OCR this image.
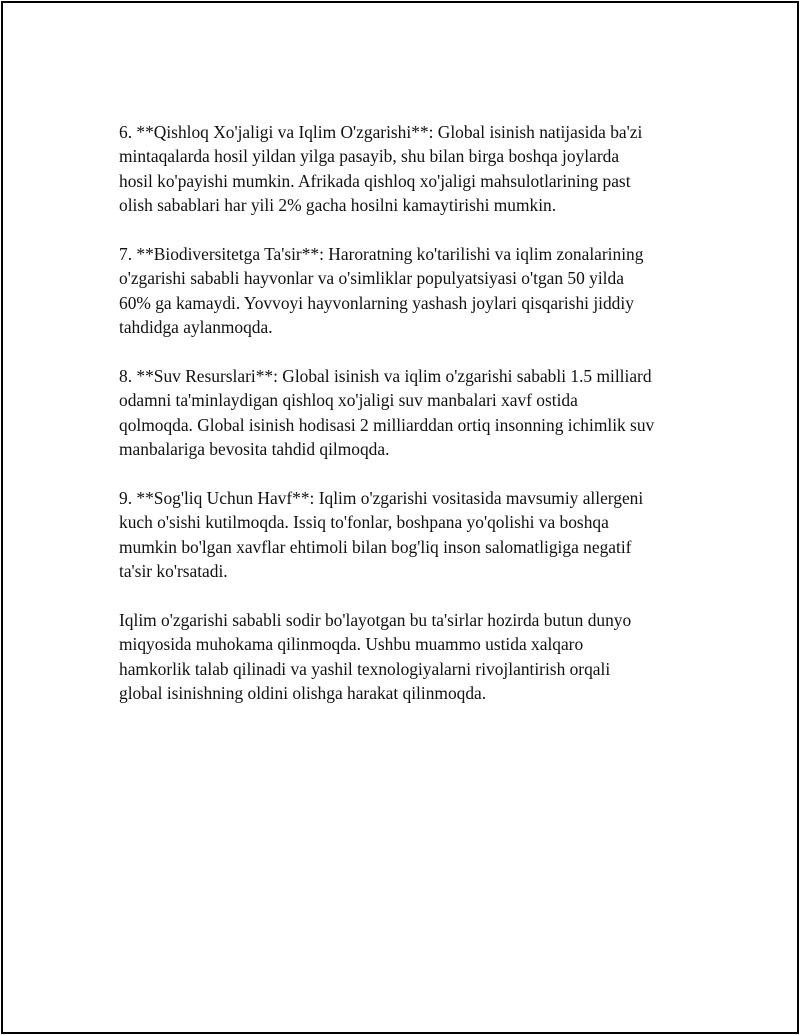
6. **Qishloq Xo'jaligi va Iqlim O'zgarishi**: Global isinish natijasida ba'zi
mintaqalarda hosil yildan yilga pasayib, shu bilan birga boshqa joylarda
hosil ko'payishi mumkin. Afrikada qishloq xo'jaligi mahsulotlarining past
olish sabablari har yili 2% gacha hosilni kamaytirishi mumkin.

7. **Biodiversitetga Ta'sir**: Haroratning ko'tarilishi va iqlim zonalarining
o'zgarishi sababli hayvonlar va o'simliklar populyatsiyasi o'tgan 50 yilda
60% ga kamaydi. Yovvoyi hayvonlarning yashash joylari qisqarishi jiddiy
tahdidga aylanmoqda.

8. **Suv Resurslari**: Global isinish va iqlim o'zgarishi sababli 1.5 milliard
odamni ta'minlaydigan qishloq xo'jaligi suv manbalari xavf ostida
qolmoqda. Global isinish hodisasi 2 milliarddan ortiq insonning ichimlik suv
manbalariga bevosita tahdid qilmoqda.

9. **Sog'liq Uchun Havf**: Iqlim o'zgarishi vositasida mavsumiy allergeni
kuch o'sishi kutilmoqda. Issiq to'fonlar, boshpana yo'qolishi va boshqa
mumkin bo'lgan xavflar ehtimoli bilan bog'liq inson salomatligiga negatif
ta'sir ko'rsatadi.

Iqlim o'zgarishi sababli sodir bo'layotgan bu ta'sirlar hozirda butun dunyo
miqyosida muhokama qilinmoqda. Ushbu muammo ustida xalqaro
hamkorlik talab qilinadi va yashil texnologiyalarni rivojlantirish orqali
global isinishning oldini olishga harakat qilinmoqda.
